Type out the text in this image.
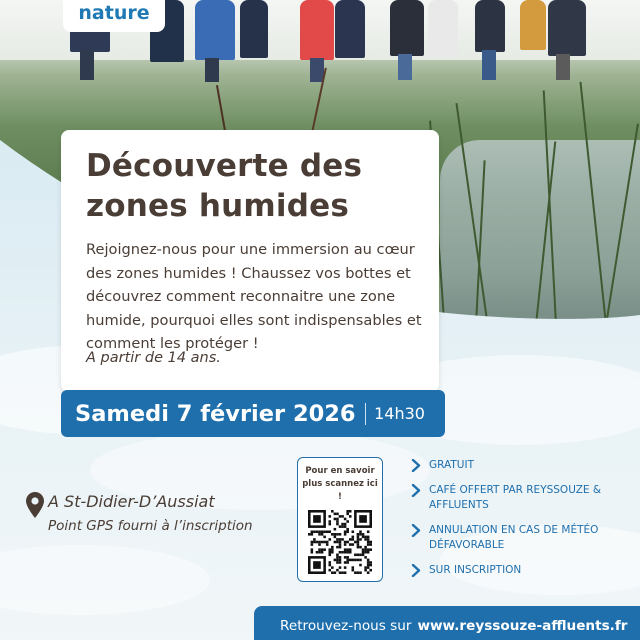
nature
Découverte des zones humides

Rejoignez-nous pour une immersion au cœur des zones humides ! Chaussez vos bottes et découvrez comment reconnaitre une zone humide, pourquoi elles sont indispensables et comment les protéger !

A partir de 14 ans.

Samedi 7 février 2026 14h30

A St-Didier-D’Aussiat

Point GPS fourni à l’inscription

Pour en savoir plus scannez ici !

GRATUIT
CAFÉ OFFERT PAR REYSSOUZE & AFFLUENTS
ANNULATION EN CAS DE MÉTÉO DÉFAVORABLE
SUR INSCRIPTION
Retrouvez-nous sur www.reyssouze-affluents.fr
